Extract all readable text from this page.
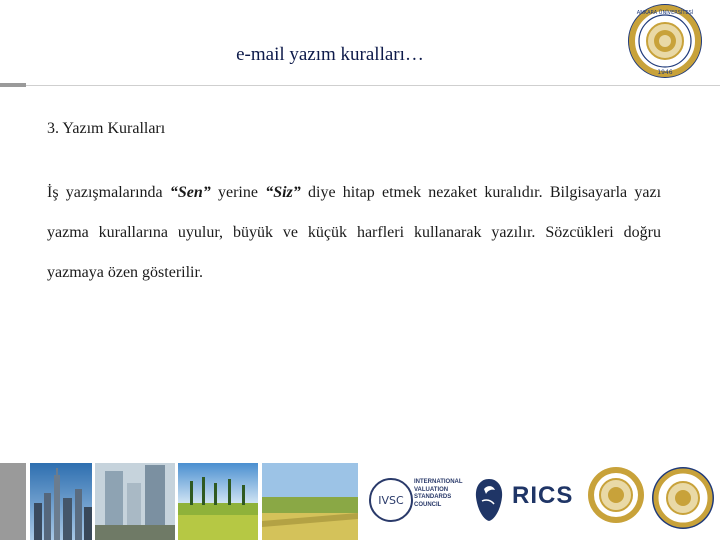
e-mail yazım kuralları…
ANKARA ÜNİVERSİTESİ
1946
3. Yazım Kuralları
İş yazışmalarında “Sen” yerine “Siz” diye hitap etmek nezaket kuralıdır. Bilgisayarla yazı yazma kurallarına uyulur, büyük ve küçük harfleri kullanarak yazılır. Sözcükleri doğru yazmaya özen gösterilir.
IVSC
INTERNATIONAL
VALUATION
STANDARDS
COUNCIL	RICS
